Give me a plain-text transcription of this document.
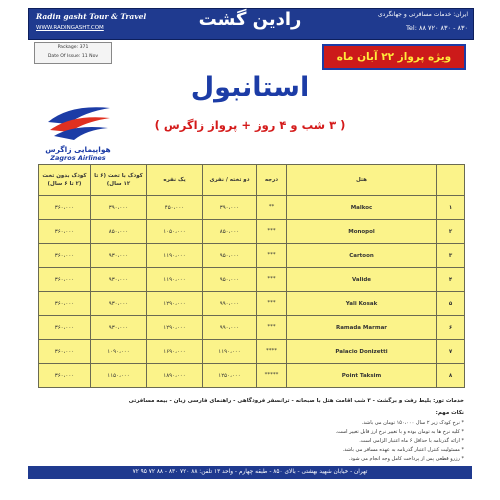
Radin gasht Tour & Travel	رادین گشت	ایران: خدمات مسافرتی و جهانگردی
Tel: ۸۸ ۷۲۰ ۸۳۰ - ۸۳۰
WWW.RADINGASHT.COM
Package: 371
Date Of Issue: 11 Nov	ویژه پرواز ۲۲ آبان ماه
استانبول
( ۳ شب و ۴ روز + پرواز زاگرس )
هواپیمایی زاگرس
Zagros Airlines
کودک بدون تخت (۲ تا ۶ سال)	کودک با تخت (۶ تا ۱۲ سال)	یک نفره	دو تخته / نفری	درجه	هتل	
۳۶۰،۰۰۰	۳۹۰،۰۰۰	۴۵۰،۰۰۰	۳۹۰،۰۰۰	**	Malkoc	۱
۳۶۰،۰۰۰	۸۵۰،۰۰۰	۱۰۵۰،۰۰۰	۸۵۰،۰۰۰	***	Monopol	۲
۳۶۰،۰۰۰	۹۳۰،۰۰۰	۱۱۹۰،۰۰۰	۹۵۰،۰۰۰	***	Cartoon	۳
۳۶۰،۰۰۰	۹۳۰،۰۰۰	۱۱۹۰،۰۰۰	۹۵۰،۰۰۰	***	Valide	۴
۳۶۰،۰۰۰	۹۳۰،۰۰۰	۱۲۹۰،۰۰۰	۹۹۰،۰۰۰	***	Yali Kosak	۵
۳۶۰،۰۰۰	۹۳۰،۰۰۰	۱۲۹۰،۰۰۰	۹۹۰،۰۰۰	***	Ramada Marmar	۶
۳۶۰،۰۰۰	۱۰۹۰،۰۰۰	۱۶۹۰،۰۰۰	۱۱۹۰،۰۰۰	****	Palacio Donizetti	۷
۳۶۰،۰۰۰	۱۱۵۰،۰۰۰	۱۸۹۰،۰۰۰	۱۲۵۰،۰۰۰	*****	Point Taksim	۸
خدمات تور: بلیط رفت و برگشت - ۳ شب اقامت هتل با صبحانه - ترانسفر فرودگاهی - راهنمای فارسی زبان - بیمه مسافرتی
نکات مهم:
* نرخ کودک زیر ۲ سال ۱۵۰،۰۰۰ تومان می باشد.
* کلیه نرخ ها به تومان بوده و با تغییر نرخ ارز قابل تغییر است.
* ارائه گذرنامه با حداقل ۶ ماه اعتبار الزامی است.
* مسئولیت کنترل اعتبار گذرنامه به عهده مسافر می باشد.
* رزرو قطعی پس از پرداخت کامل وجه انجام می شود.
تهران - خیابان شهید بهشتی - بالای ۸۵۰ - طبقه چهارم - واحد ۱۳ تلفن: ۸۸ ۷۲۰ ۸۳۰ - ۸۸ ۷۲ ۹۵ ۷۲
